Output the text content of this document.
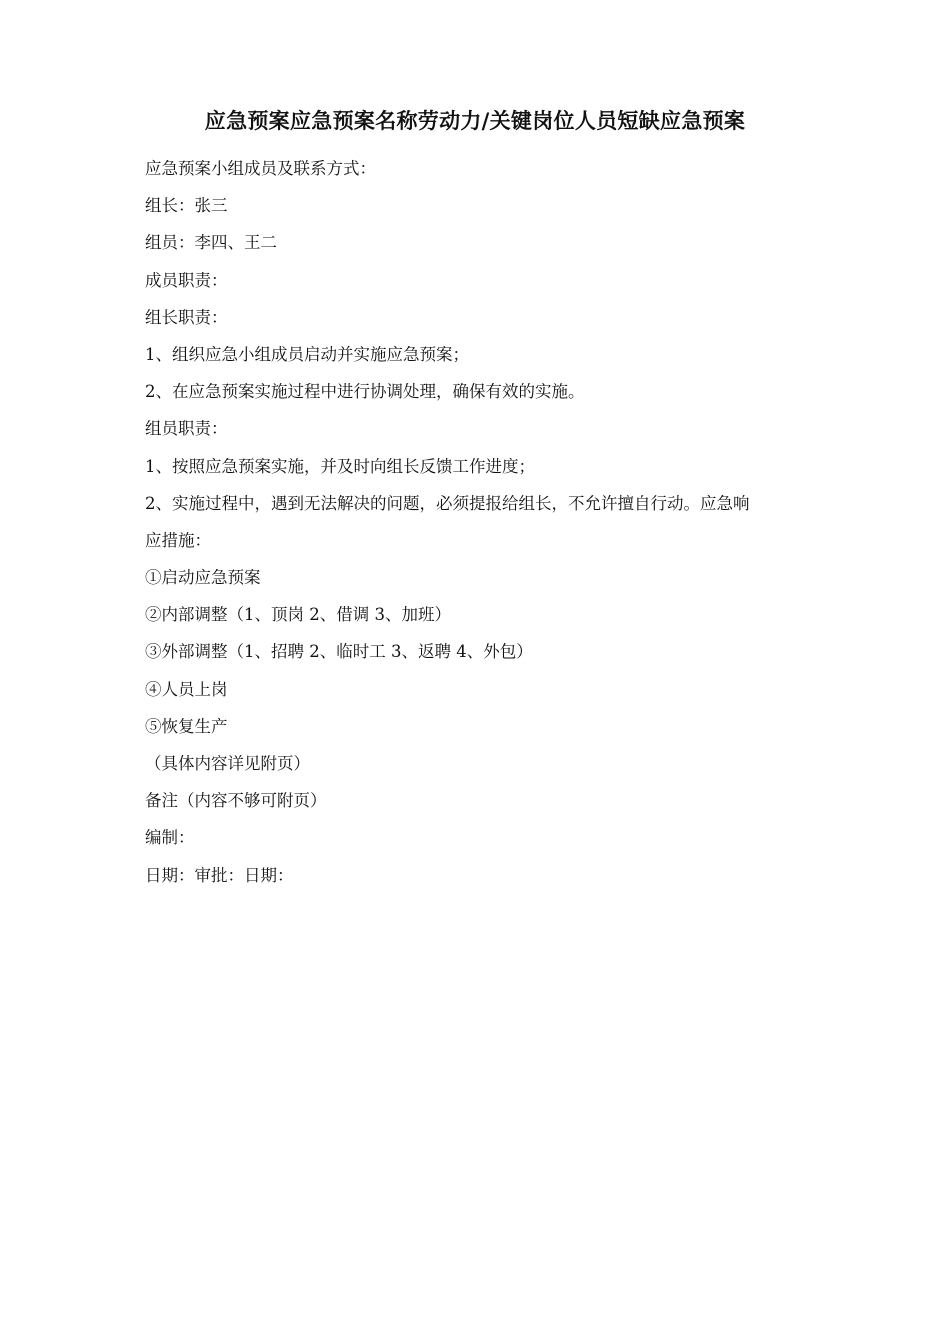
应急预案应急预案名称劳动力/关键岗位人员短缺应急预案

应急预案小组成员及联系方式：

组长：张三

组员：李四、王二

成员职责：

组长职责：

1、组织应急小组成员启动并实施应急预案；

2、在应急预案实施过程中进行协调处理，确保有效的实施。

组员职责：

1、按照应急预案实施，并及时向组长反馈工作进度；

2、实施过程中，遇到无法解决的问题，必须提报给组长，不允许擅自行动。应急响

应措施：

①启动应急预案

②内部调整（1、顶岗 2、借调 3、加班）

③外部调整（1、招聘 2、临时工 3、返聘 4、外包）

④人员上岗

⑤恢复生产

（具体内容详见附页）

备注（内容不够可附页）

编制：

日期：审批：日期：
